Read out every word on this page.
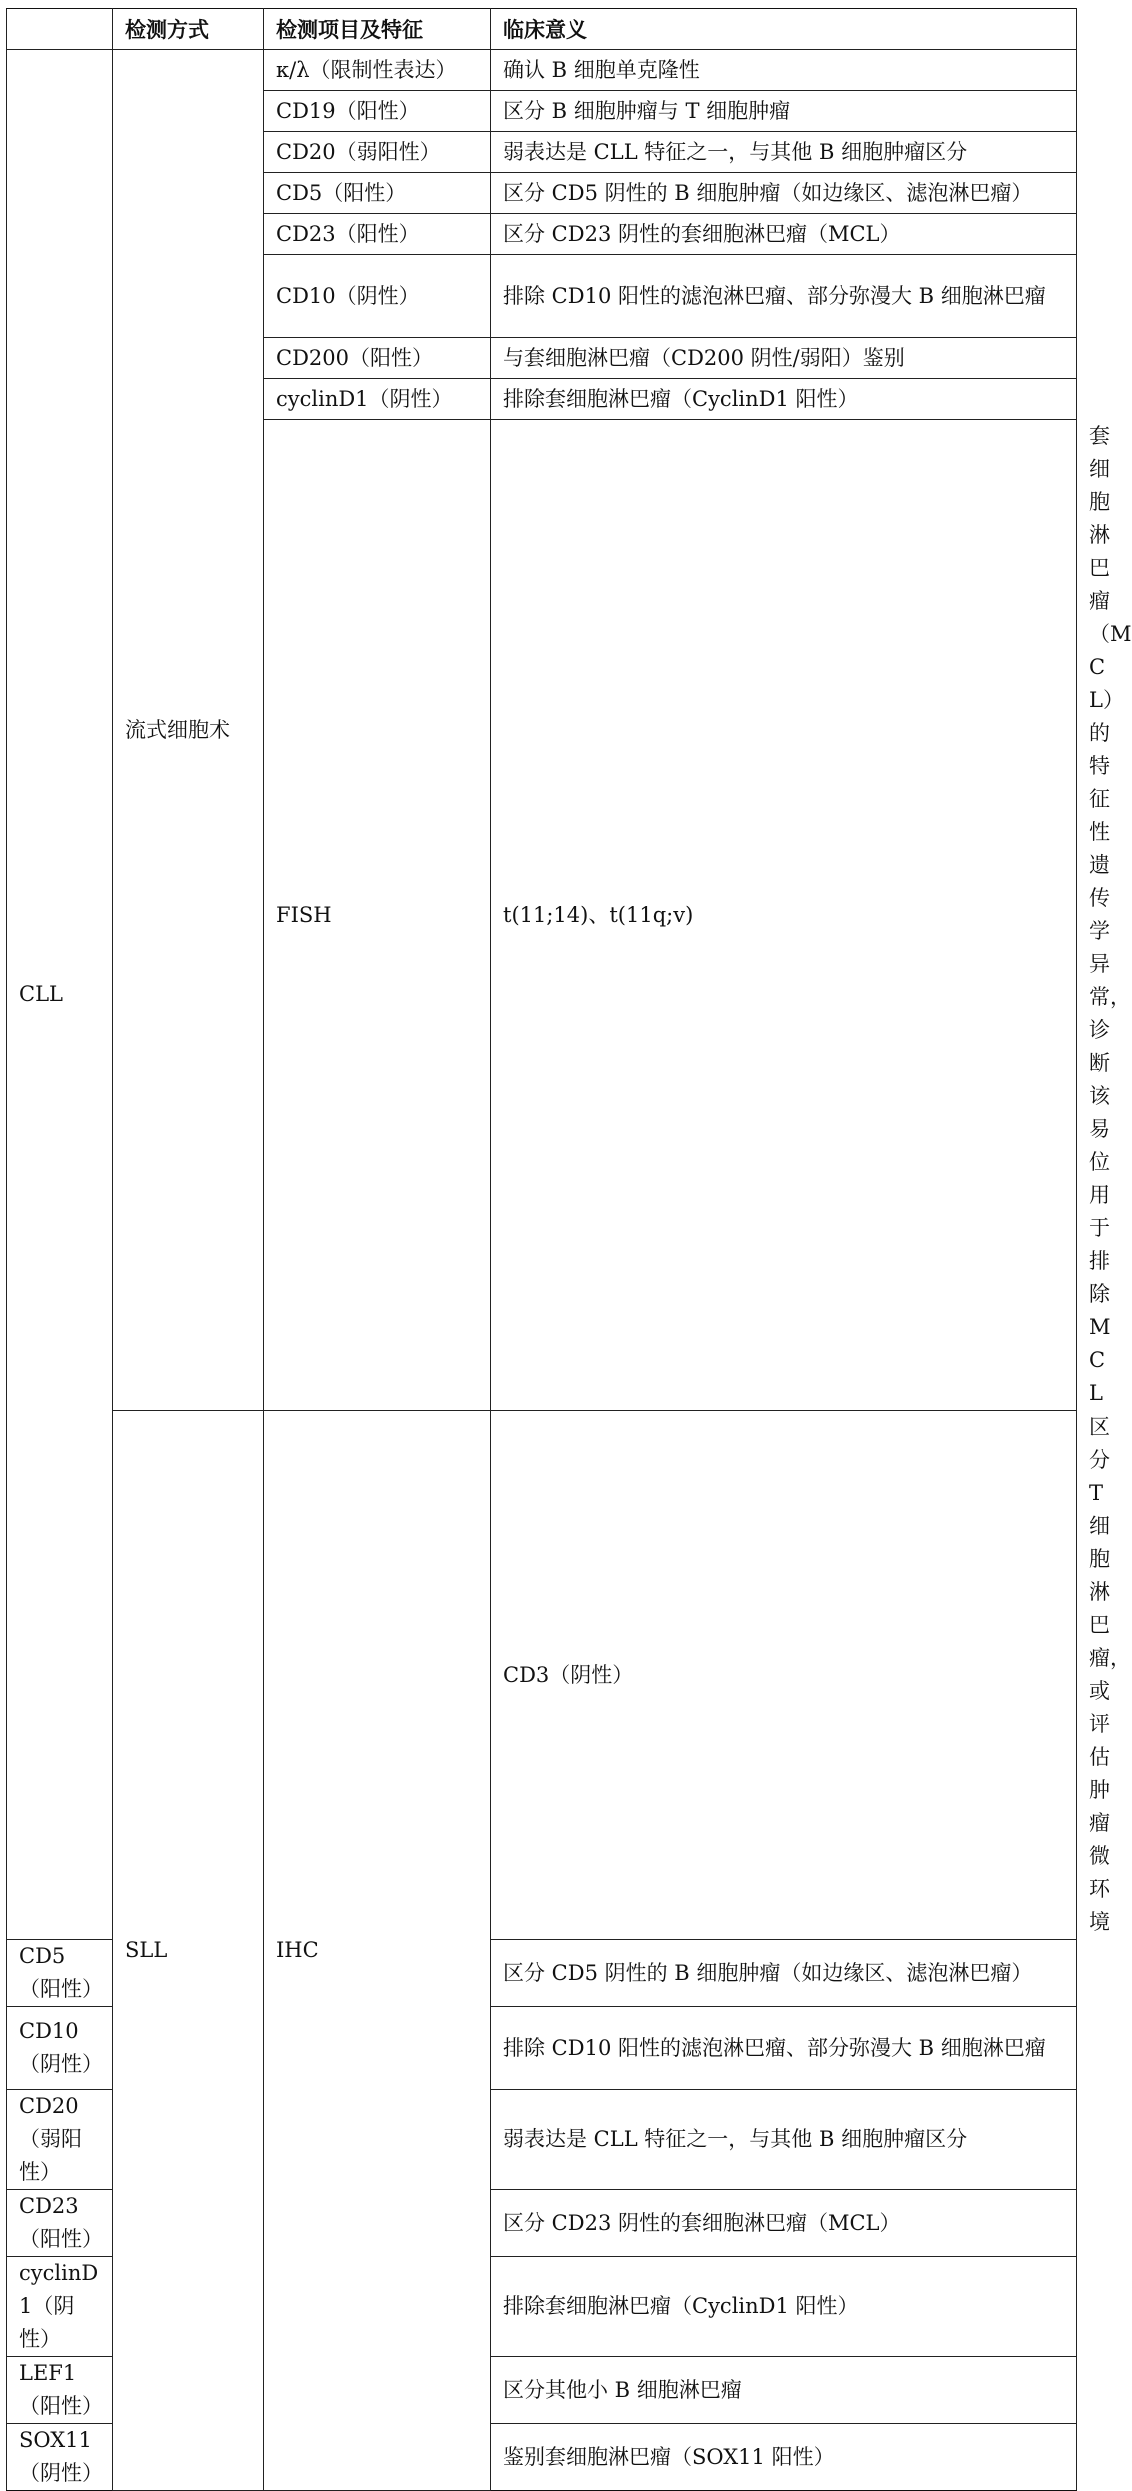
	检测方式	检测项目及特征	临床意义	
CLL	流式细胞术	κ/λ（限制性表达）	确认 B 细胞单克隆性	
		CD19（阳性）	区分 B 细胞肿瘤与 T 细胞肿瘤	
		CD20（弱阳性）	弱表达是 CLL 特征之一，与其他 B 细胞肿瘤区分	
		CD5（阳性）	区分 CD5 阴性的 B 细胞肿瘤（如边缘区、滤泡淋巴瘤）	
		CD23（阳性）	区分 CD23 阴性的套细胞淋巴瘤（MCL）	
		CD10（阴性）	排除 CD10 阳性的滤泡淋巴瘤、部分弥漫大 B 细胞淋巴瘤	
		CD200（阳性）	与套细胞淋巴瘤（CD200 阴性/弱阳）鉴别	
		cyclinD1（阴性）	排除套细胞淋巴瘤（CyclinD1 阳性）	
		FISH	t(11;14)、t(11q;v)	套细胞淋巴瘤（MCL）的特征性遗传学异常，诊断该易位用于排除 MCL
	SLL	IHC	CD3（阴性）	区分 T 细胞淋巴瘤，或评估肿瘤微环境
CD5（阳性）			区分 CD5 阴性的 B 细胞肿瘤（如边缘区、滤泡淋巴瘤）	
CD10（阴性）			排除 CD10 阳性的滤泡淋巴瘤、部分弥漫大 B 细胞淋巴瘤	
CD20（弱阳性）			弱表达是 CLL 特征之一，与其他 B 细胞肿瘤区分	
CD23（阳性）			区分 CD23 阴性的套细胞淋巴瘤（MCL）	
cyclinD1（阴性）			排除套细胞淋巴瘤（CyclinD1 阳性）	
LEF1（阳性）			区分其他小 B 细胞淋巴瘤	
SOX11（阴性）			鉴别套细胞淋巴瘤（SOX11 阳性）	
